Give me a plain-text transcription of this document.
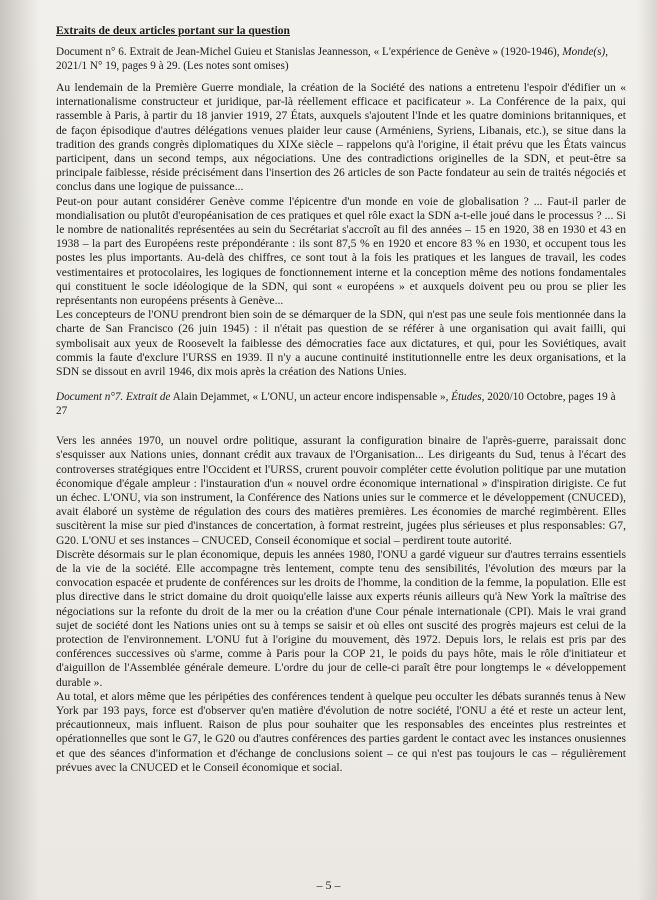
Extraits de deux articles portant sur la question
Document n° 6. Extrait de Jean-Michel Guieu et Stanislas Jeannesson, « L'expérience de Genève » (1920-1946), Monde(s), 2021/1 N° 19, pages 9 à 29. (Les notes sont omises)

Au lendemain de la Première Guerre mondiale, la création de la Société des nations a entretenu l'espoir d'édifier un « internationalisme constructeur et juridique, par-là réellement efficace et pacificateur ». La Conférence de la paix, qui rassemble à Paris, à partir du 18 janvier 1919, 27 États, auxquels s'ajoutent l'Inde et les quatre dominions britanniques, et de façon épisodique d'autres délégations venues plaider leur cause (Arméniens, Syriens, Libanais, etc.), se situe dans la tradition des grands congrès diplomatiques du XIXe siècle – rappelons qu'à l'origine, il était prévu que les États vaincus participent, dans un second temps, aux négociations. Une des contradictions originelles de la SDN, et peut-être sa principale faiblesse, réside précisément dans l'insertion des 26 articles de son Pacte fondateur au sein de traités négociés et conclus dans une logique de puissance...

Peut-on pour autant considérer Genève comme l'épicentre d'un monde en voie de globalisation ? ... Faut-il parler de mondialisation ou plutôt d'européanisation de ces pratiques et quel rôle exact la SDN a-t-elle joué dans le processus ? ... Si le nombre de nationalités représentées au sein du Secrétariat s'accroît au fil des années – 15 en 1920, 38 en 1930 et 43 en 1938 – la part des Européens reste prépondérante : ils sont 87,5 % en 1920 et encore 83 % en 1930, et occupent tous les postes les plus importants. Au-delà des chiffres, ce sont tout à la fois les pratiques et les langues de travail, les codes vestimentaires et protocolaires, les logiques de fonctionnement interne et la conception même des notions fondamentales qui constituent le socle idéologique de la SDN, qui sont « européens » et auxquels doivent peu ou prou se plier les représentants non européens présents à Genève...

Les concepteurs de l'ONU prendront bien soin de se démarquer de la SDN, qui n'est pas une seule fois mentionnée dans la charte de San Francisco (26 juin 1945) : il n'était pas question de se référer à une organisation qui avait failli, qui symbolisait aux yeux de Roosevelt la faiblesse des démocraties face aux dictatures, et qui, pour les Soviétiques, avait commis la faute d'exclure l'URSS en 1939. Il n'y a aucune continuité institutionnelle entre les deux organisations, et la SDN se dissout en avril 1946, dix mois après la création des Nations Unies.

Document n°7. Extrait de Alain Dejammet, « L'ONU, un acteur encore indispensable », Études, 2020/10 Octobre, pages 19 à 27

Vers les années 1970, un nouvel ordre politique, assurant la configuration binaire de l'après-guerre, paraissait donc s'esquisser aux Nations unies, donnant crédit aux travaux de l'Organisation... Les dirigeants du Sud, tenus à l'écart des controverses stratégiques entre l'Occident et l'URSS, crurent pouvoir compléter cette évolution politique par une mutation économique d'égale ampleur : l'instauration d'un « nouvel ordre économique international » d'inspiration dirigiste. Ce fut un échec. L'ONU, via son instrument, la Conférence des Nations unies sur le commerce et le développement (CNUCED), avait élaboré un système de régulation des cours des matières premières. Les économies de marché regimbèrent. Elles suscitèrent la mise sur pied d'instances de concertation, à format restreint, jugées plus sérieuses et plus responsables: G7, G20. L'ONU et ses instances – CNUCED, Conseil économique et social – perdirent toute autorité.

Discrète désormais sur le plan économique, depuis les années 1980, l'ONU a gardé vigueur sur d'autres terrains essentiels de la vie de la société. Elle accompagne très lentement, compte tenu des sensibilités, l'évolution des mœurs par la convocation espacée et prudente de conférences sur les droits de l'homme, la condition de la femme, la population. Elle est plus directive dans le strict domaine du droit quoiqu'elle laisse aux experts réunis ailleurs qu'à New York la maîtrise des négociations sur la refonte du droit de la mer ou la création d'une Cour pénale internationale (CPI). Mais le vrai grand sujet de société dont les Nations unies ont su à temps se saisir et où elles ont suscité des progrès majeurs est celui de la protection de l'environnement. L'ONU fut à l'origine du mouvement, dès 1972. Depuis lors, le relais est pris par des conférences successives où s'arme, comme à Paris pour la COP 21, le poids du pays hôte, mais le rôle d'initiateur et d'aiguillon de l'Assemblée générale demeure. L'ordre du jour de celle-ci paraît être pour longtemps le « développement durable ».

Au total, et alors même que les péripéties des conférences tendent à quelque peu occulter les débats surannés tenus à New York par 193 pays, force est d'observer qu'en matière d'évolution de notre société, l'ONU a été et reste un acteur lent, précautionneux, mais influent. Raison de plus pour souhaiter que les responsables des enceintes plus restreintes et opérationnelles que sont le G7, le G20 ou d'autres conférences des parties gardent le contact avec les instances onusiennes et que des séances d'information et d'échange de conclusions soient – ce qui n'est pas toujours le cas – régulièrement prévues avec la CNUCED et le Conseil économique et social.

– 5 –
